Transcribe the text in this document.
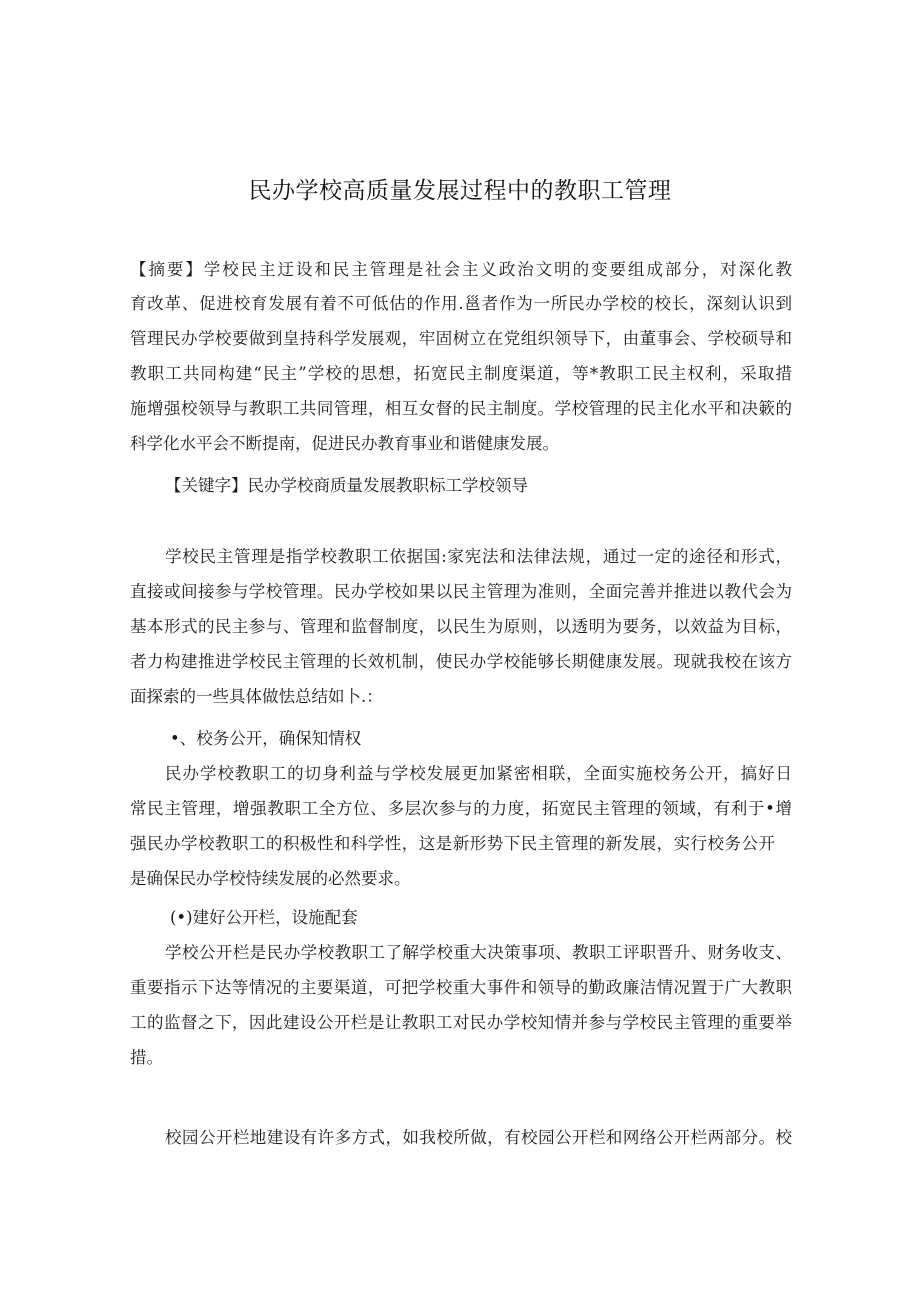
民办学校高质量发展过程中的教职工管理
【摘要】学校民主迂设和民主管理是社会主义政治文明的变要组成部分，对深化教
育改革、促进校育发展有着不可低估的作用.邕者作为一所民办学校的校长，深刻认识到
管理民办学校要做到皇持科学发展观，牢固树立在党组织领导下，由董事会、学校硕导和
教职工共同构建“民主”学校的思想，拓宽民主制度渠道，等*教职工民主权利，采取措
施增强校领导与教职工共同管理，相互女督的民主制度。学校管理的民主化水平和决簌的
科学化水平会不断提南，促进民办教育事业和谐健康发展。
【关键字】民办学校商质量发展教职标工学校领导
学校民主管理是指学校教职工依据国:家宪法和法律法规，通过一定的途径和形式，
直接或间接参与学校管理。民办学校如果以民主管理为准则，全面完善并推进以教代会为
基本形式的民主参与、管理和监督制度，以民生为原则，以透明为要务，以效益为目标，
者力构建推进学校民主管理的长效机制，使民办学校能够长期健康发展。现就我校在该方
面探索的一些具体做怯总结如卜.：
•、校务公开，确保知情权
民办学校教职工的切身利益与学校发展更加紧密相联，全面实施校务公开，搞好日
常民主管理，增强教职工全方位、多层次参与的力度，拓宽民主管理的领域，有利于•增
强民办学校教职工的积极性和科学性，这是新形势下民主管理的新发展，实行校务公开
是确保民办学校恃续发展的必然要求。
(•)建好公开栏，设施配套
学校公开栏是民办学校教职工了解学校重大决策事项、教职工评职晋升、财务收支、
重要指示下达等情况的主要渠道，可把学校重大事件和领导的勤政廉洁情况置于广大教职
工的监督之下，因此建设公开栏是让教职工对民办学校知情并参与学校民主管理的重要举
措。
校园公开栏地建设有许多方式，如我校所做，有校园公开栏和网络公开栏两部分。校
